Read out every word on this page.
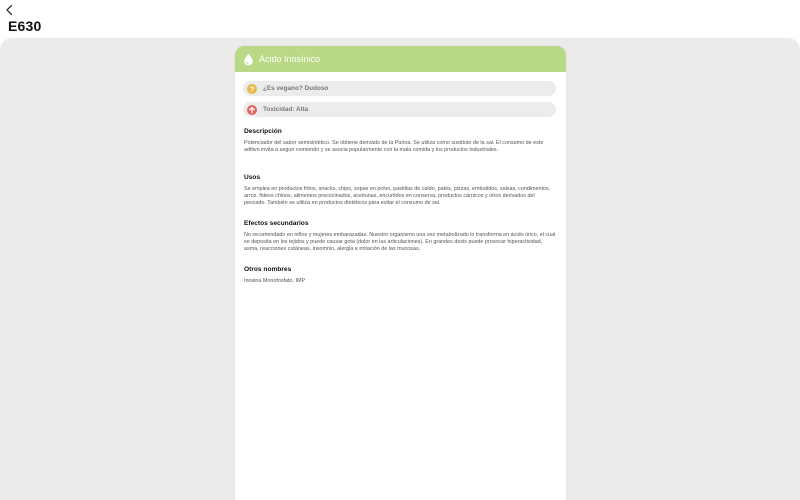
E630
Ácido Inosínico
? ¿Es vegano? Dudoso
Toxicidad: Alta
Descripción
Potenciador del sabor semisintético. Se obtiene derivado de la Purina. Se utiliza como sustituto de la sal. El consumo de este aditivo invita a seguir comiendo y se asocia popularmente con la mala comida y los productos industriales.
Usos
Se emplea en productos fritos, snacks, chips, sopas en polvo, pastillas de caldo, patés, pizzas, embutidos, salsas, condimentos, arroz, fideos chinos, alimentos precocinados, aceitunas, encurtidos en conserva, productos cárnicos y otros derivados del pescado. También se utiliza en productos dietéticos para evitar el consumo de sal.
Efectos secundarios
No recomendado en niños y mujeres embarazadas. Nuestro organismo una vez metabolizado lo transforma en ácido úrico, el cual se deposita en los tejidos y puede causar gota (dolor en las articulaciones). En grandes dosis puede provocar hiperactividad, asma, reacciones cutáneas, insomnio, alergia e irritación de las mucosas.
Otros nombres
Inosina Monofosfato, IMP
